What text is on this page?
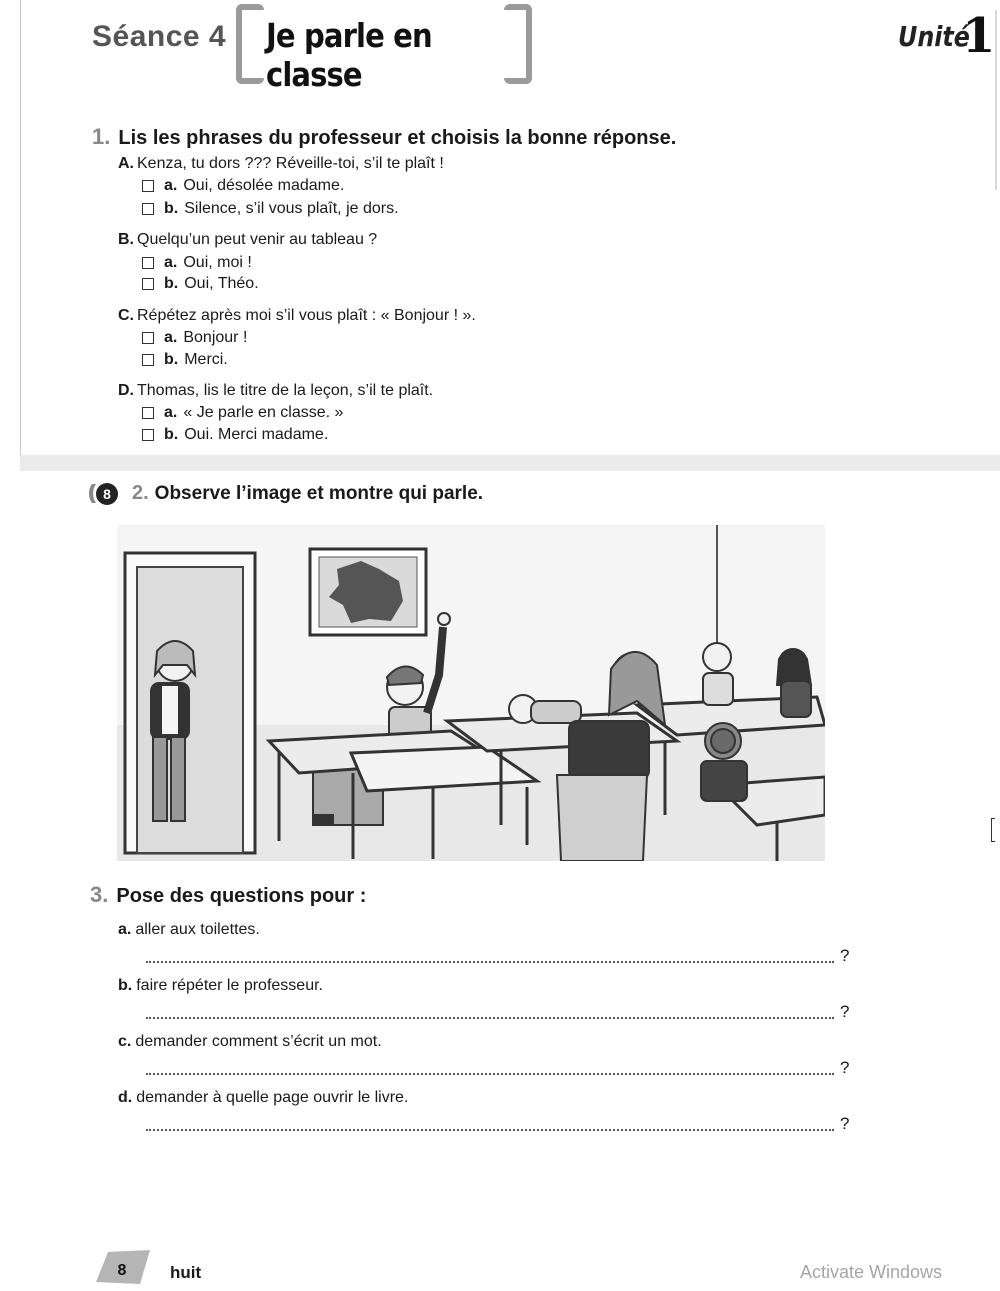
Séance 4 Je parle en classe
Unité
1
1. Lis les phrases du professeur et choisis la bonne réponse.
A. Kenza, tu dors ??? Réveille-toi, s’il te plaît !
a. Oui, désolée madame.
b. Silence, s’il vous plaît, je dors.
B. Quelqu’un peut venir au tableau ?
a. Oui, moi !
b. Oui, Théo.
C. Répétez après moi s’il vous plaît : « Bonjour ! ».
a. Bonjour !
b. Merci.
D. Thomas, lis le titre de la leçon, s’il te plaît.
a. « Je parle en classe. »
b. Oui. Merci madame.
((( 8	2. Observe l’image et montre qui parle.
3. Pose des questions pour :
a. aller aux toilettes.
?
b. faire répéter le professeur.
?
c. demander comment s’écrit un mot.
?
d. demander à quelle page ouvrir le livre.
?
8	huit	Activate Windows
